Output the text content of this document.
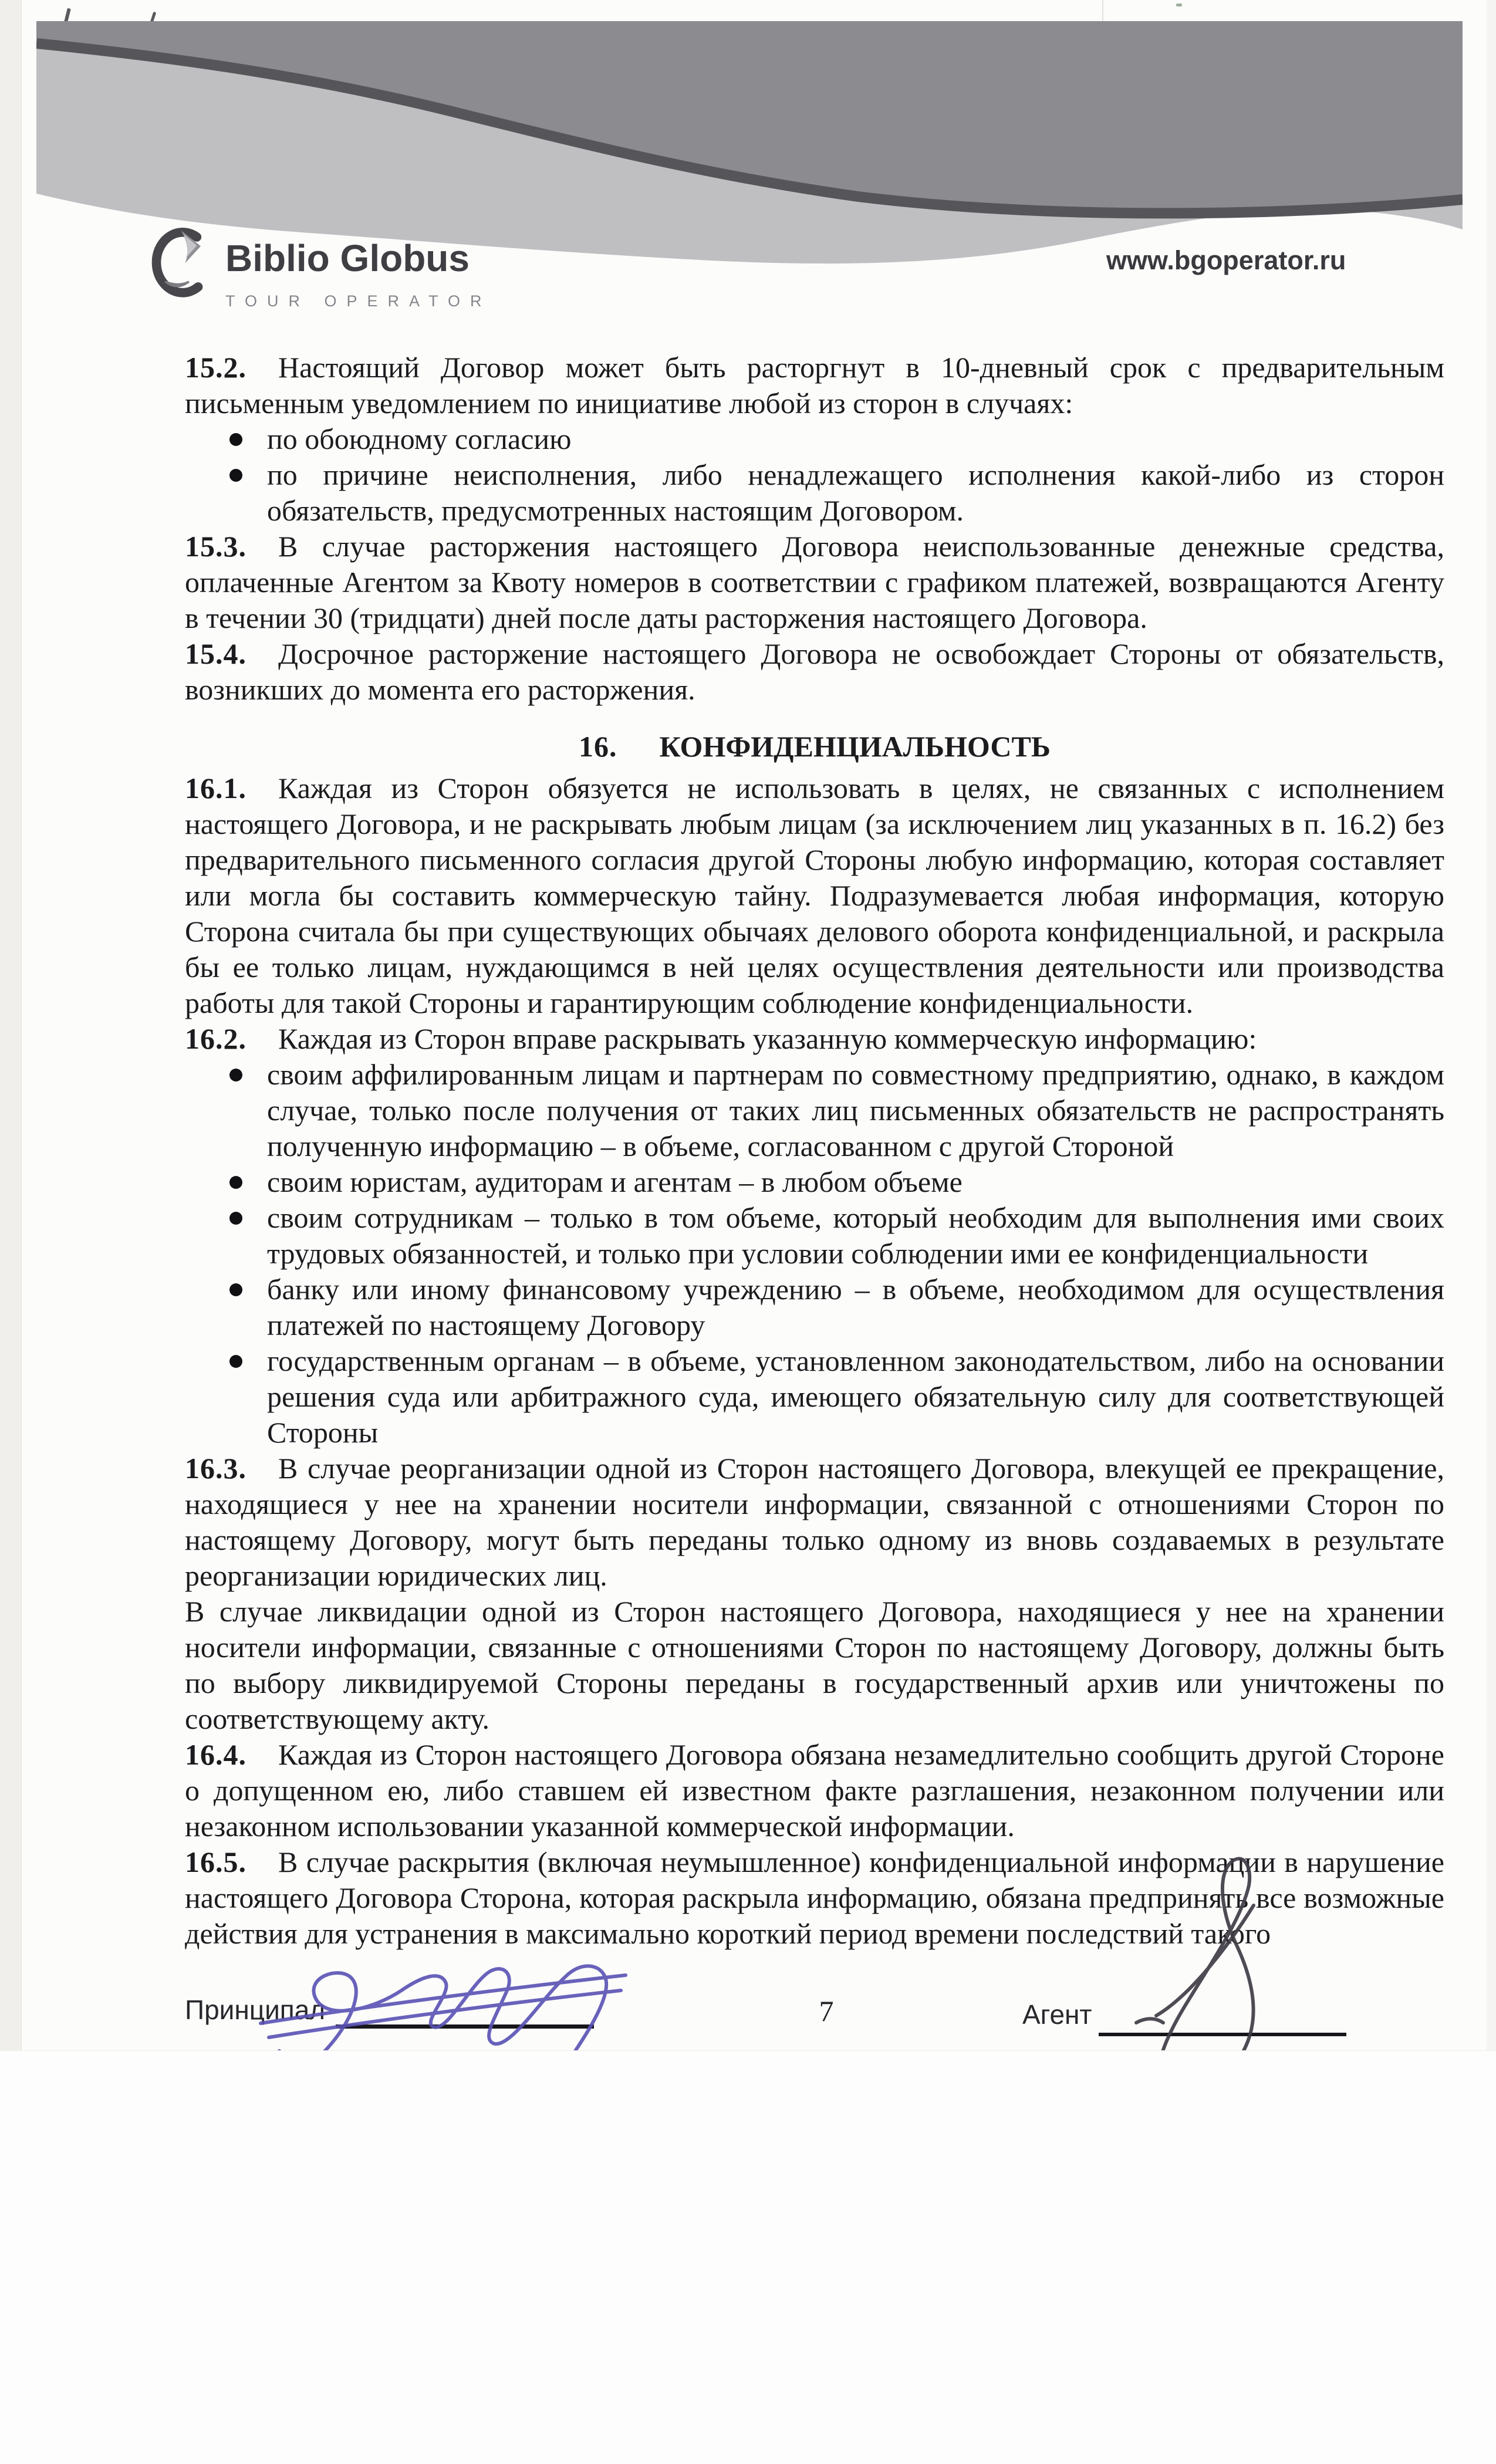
Biblio Globus
TOUR OPERATOR
www.bgoperator.ru

15.2. Настоящий Договор может быть расторгнут в 10-дневный срок с предварительным письменным уведомлением по инициативе любой из сторон в случаях:

по обоюдному согласию
по причине неисполнения, либо ненадлежащего исполнения какой-либо из сторон обязательств, предусмотренных настоящим Договором.

15.3. В случае расторжения настоящего Договора неиспользованные денежные средства, оплаченные Агентом за Квоту номеров в соответствии с графиком платежей, возвращаются Агенту в течении 30 (тридцати) дней после даты расторжения настоящего Договора.

15.4. Досрочное расторжение настоящего Договора не освобождает Стороны от обязательств, возникших до момента его расторжения.

16. КОНФИДЕНЦИАЛЬНОСТЬ

16.1. Каждая из Сторон обязуется не использовать в целях, не связанных с исполнением настоящего Договора, и не раскрывать любым лицам (за исключением лиц указанных в п. 16.2) без предварительного письменного согласия другой Стороны любую информацию, которая составляет или могла бы составить коммерческую тайну. Подразумевается любая информация, которую Сторона считала бы при существующих обычаях делового оборота конфиденциальной, и раскрыла бы ее только лицам, нуждающимся в ней целях осуществления деятельности или производства работы для такой Стороны и гарантирующим соблюдение конфиденциальности.

16.2. Каждая из Сторон вправе раскрывать указанную коммерческую информацию:

своим аффилированным лицам и партнерам по совместному предприятию, однако, в каждом случае, только после получения от таких лиц письменных обязательств не распространять полученную информацию – в объеме, согласованном с другой Стороной
своим юристам, аудиторам и агентам – в любом объеме
своим сотрудникам – только в том объеме, который необходим для выполнения ими своих трудовых обязанностей, и только при условии соблюдении ими ее конфиденциальности
банку или иному финансовому учреждению – в объеме, необходимом для осуществления платежей по настоящему Договору
государственным органам – в объеме, установленном законодательством, либо на основании решения суда или арбитражного суда, имеющего обязательную силу для соответствующей Стороны

16.3. В случае реорганизации одной из Сторон настоящего Договора, влекущей ее прекращение, находящиеся у нее на хранении носители информации, связанной с отношениями Сторон по настоящему Договору, могут быть переданы только одному из вновь создаваемых в результате реорганизации юридических лиц.

В случае ликвидации одной из Сторон настоящего Договора, находящиеся у нее на хранении носители информации, связанные с отношениями Сторон по настоящему Договору, должны быть по выбору ликвидируемой Стороны переданы в государственный архив или уничтожены по соответствующему акту.

16.4. Каждая из Сторон настоящего Договора обязана незамедлительно сообщить другой Стороне о допущенном ею, либо ставшем ей известном факте разглашения, незаконном получении или незаконном использовании указанной коммерческой информации.

16.5. В случае раскрытия (включая неумышленное) конфиденциальной информации в нарушение настоящего Договора Сторона, которая раскрыла информацию, обязана предпринять все возможные действия для устранения в максимально короткий период времени последствий такого

Принципал	7	Агент
